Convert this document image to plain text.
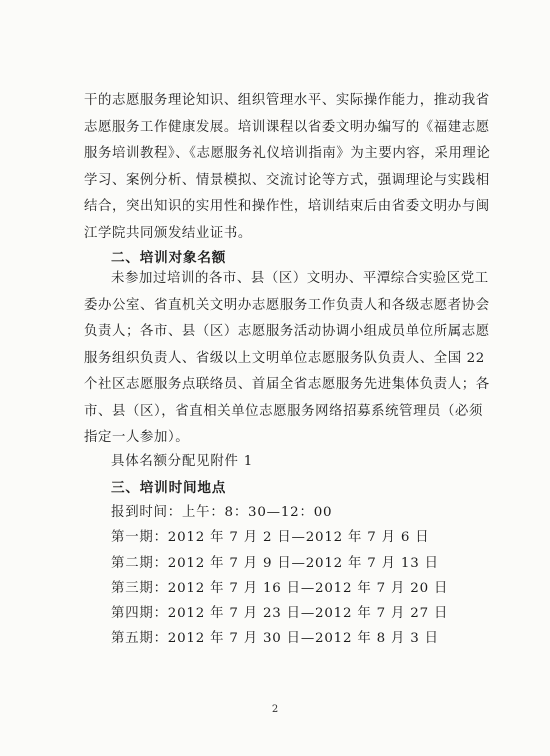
干的志愿服务理论知识、组织管理水平、实际操作能力，推动我省志愿服务工作健康发展。培训课程以省委文明办编写的《福建志愿服务培训教程》、《志愿服务礼仪培训指南》为主要内容，采用理论学习、案例分析、情景模拟、交流讨论等方式，强调理论与实践相结合，突出知识的实用性和操作性，培训结束后由省委文明办与闽江学院共同颁发结业证书。

二、培训对象名额

未参加过培训的各市、县（区）文明办、平潭综合实验区党工委办公室、省直机关文明办志愿服务工作负责人和各级志愿者协会负责人；各市、县（区）志愿服务活动协调小组成员单位所属志愿服务组织负责人、省级以上文明单位志愿服务队负责人、全国 22 个社区志愿服务点联络员、首届全省志愿服务先进集体负责人；各市、县（区），省直相关单位志愿服务网络招募系统管理员（必须指定一人参加）。

具体名额分配见附件 1

三、培训时间地点

报到时间：上午：8：30—12：00

第一期：2012 年 7 月 2 日—2012 年 7 月 6 日

第二期：2012 年 7 月 9 日—2012 年 7 月 13 日

第三期：2012 年 7 月 16 日—2012 年 7 月 20 日

第四期：2012 年 7 月 23 日—2012 年 7 月 27 日

第五期：2012 年 7 月 30 日—2012 年 8 月 3 日

2
